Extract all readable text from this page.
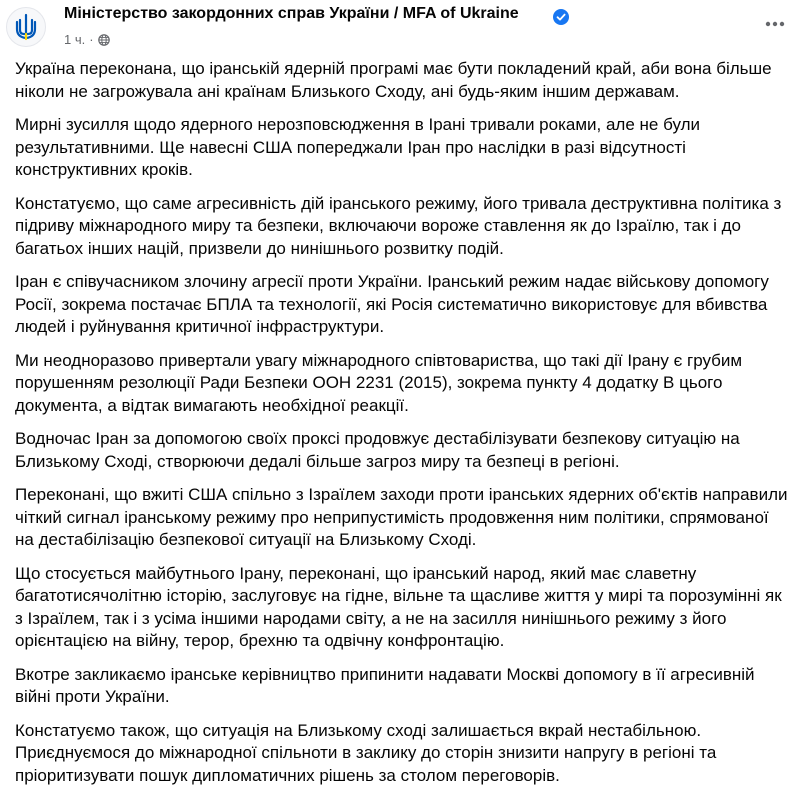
Міністерство закордонних справ України / MFA of Ukraine
1 ч. ·

Україна переконана, що іранській ядерній програмі має бути покладений край, аби вона більше ніколи не загрожувала ані країнам Близького Сходу, ані будь-яким іншим державам.

Мирні зусилля щодо ядерного нерозповсюдження в Ірані тривали роками, але не були результативними. Ще навесні США попереджали Іран про наслідки в разі відсутності конструктивних кроків.

Констатуємо, що саме агресивність дій іранського режиму, його тривала деструктивна політика з підриву міжнародного миру та безпеки, включаючи вороже ставлення як до Ізраїлю, так і до багатьох інших націй, призвели до нинішнього розвитку подій.

Іран є співучасником злочину агресії проти України. Іранський режим надає військову допомогу Росії, зокрема постачає БПЛА та технології, які Росія систематично використовує для вбивства людей і руйнування критичної інфраструктури.

Ми неодноразово привертали увагу міжнародного співтовариства, що такі дії Ірану є грубим порушенням резолюції Ради Безпеки ООН 2231 (2015), зокрема пункту 4 додатку В цього документа, а відтак вимагають необхідної реакції.

Водночас Іран за допомогою своїх проксі продовжує дестабілізувати безпекову ситуацію на Близькому Сході, створюючи дедалі більше загроз миру та безпеці в регіоні.

Переконані, що вжиті США спільно з Ізраїлем заходи проти іранських ядерних об'єктів направили чіткий сигнал іранському режиму про неприпустимість продовження ним політики, спрямованої на дестабілізацію безпекової ситуації на Близькому Сході.

Що стосується майбутнього Ірану, переконані, що іранський народ, який має славетну багатотисячолітню історію, заслуговує на гідне, вільне та щасливе життя у мирі та порозумінні як з Ізраїлем, так і з усіма іншими народами світу, а не на засилля нинішнього режиму з його орієнтацією на війну, терор, брехню та одвічну конфронтацію.

Вкотре закликаємо іранське керівництво припинити надавати Москві допомогу в її агресивній війні проти України.

Констатуємо також, що ситуація на Близькому сході залишається вкрай нестабільною. Приєднуємося до міжнародної спільноти в заклику до сторін знизити напругу в регіоні та пріоритизувати пошук дипломатичних рішень за столом переговорів.
